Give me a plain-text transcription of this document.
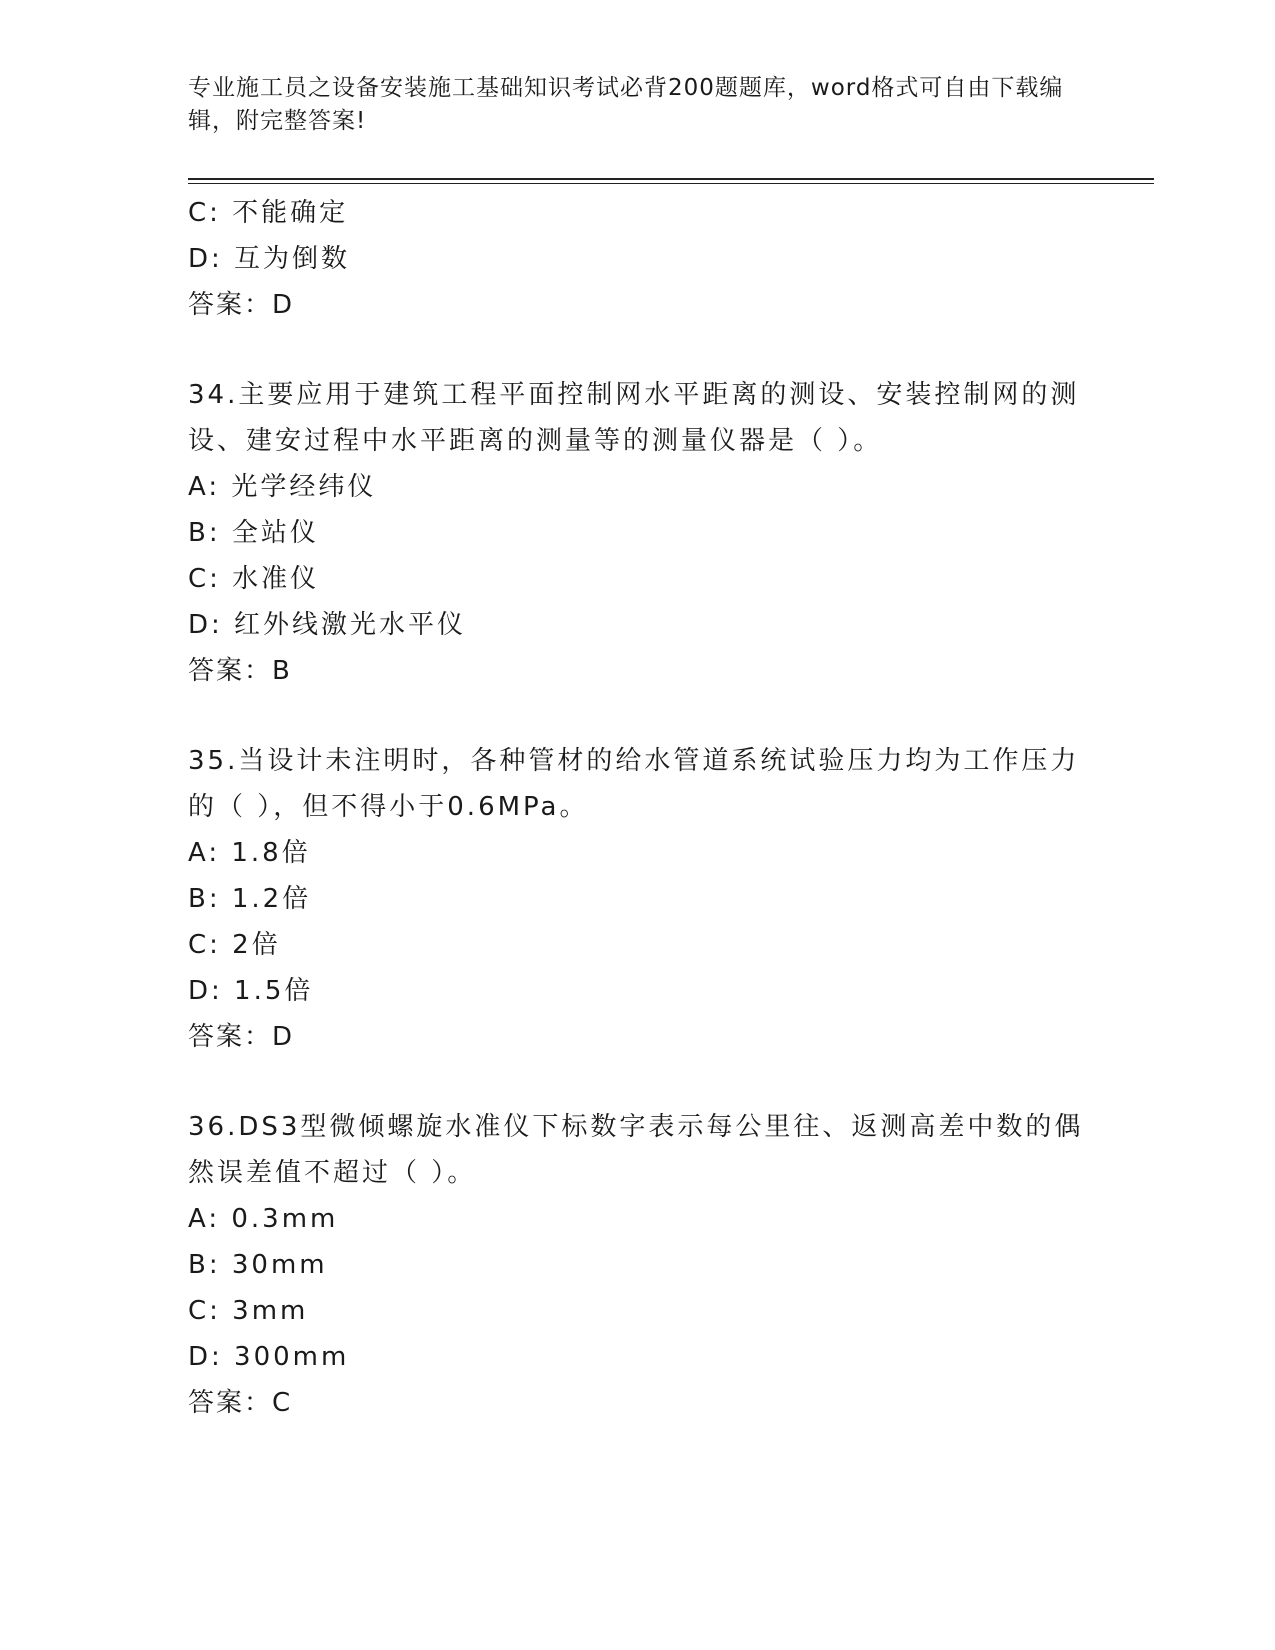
专业施工员之设备安装施工基础知识考试必背200题题库，word格式可自由下载编辑，附完整答案!
C: 不能确定
D: 互为倒数
答案：D
34.主要应用于建筑工程平面控制网水平距离的测设、安装控制网的测设、建安过程中水平距离的测量等的测量仪器是（ ）。
A: 光学经纬仪
B: 全站仪
C: 水准仪
D: 红外线激光水平仪
答案：B
35.当设计未注明时，各种管材的给水管道系统试验压力均为工作压力的（ ），但不得小于0.6MPa。
A: 1.8倍
B: 1.2倍
C: 2倍
D: 1.5倍
答案：D
36.DS3型微倾螺旋水准仪下标数字表示每公里往、返测高差中数的偶然误差值不超过（ ）。
A: 0.3mm
B: 30mm
C: 3mm
D: 300mm
答案：C
